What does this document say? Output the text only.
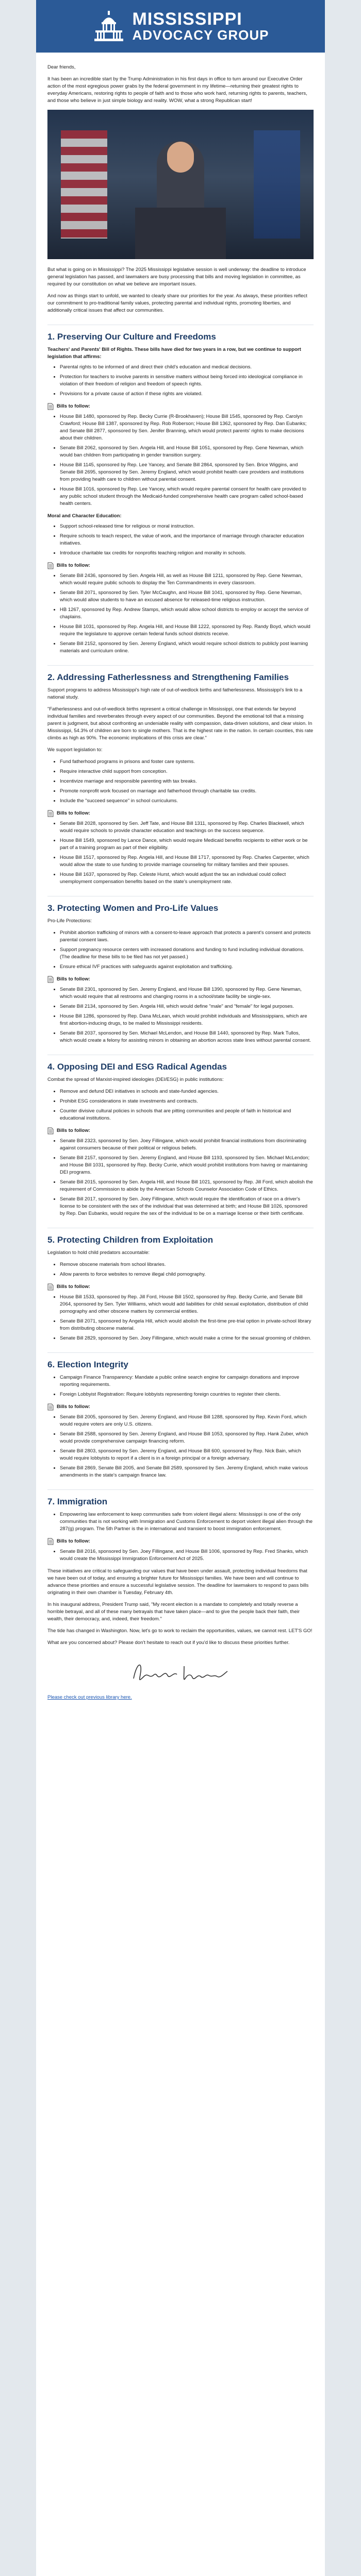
MISSISSIPPI
ADVOCACY GROUP

Dear friends,

It has been an incredible start by the Trump Administration in his first days in office to turn around our Executive Order action of the most egregious power grabs by the federal government in my lifetime—returning their greatest rights to everyday Americans, restoring rights to people of faith and to those who work hard, returning rights to parents, teachers, and those who believe in just simple biology and reality. WOW, what a strong Republican start!

But what is going on in Mississippi? The 2025 Mississippi legislative session is well underway: the deadline to introduce general legislation has passed, and lawmakers are busy processing that bills and moving legislation in committee, as required by our constitution on what we believe are important issues.

And now as things start to unfold, we wanted to clearly share our priorities for the year. As always, these priorities reflect our commitment to pro-traditional family values, protecting parental and individual rights, promoting liberties, and additionally critical issues that affect our communities.

1. Preserving Our Culture and Freedoms
Teachers' and Parents' Bill of Rights. These bills have died for two years in a row, but we continue to support legislation that affirms:
• Parental rights to be informed of and direct their child's education and medical decisions.
• Protection for teachers to involve parents in sensitive matters without being forced into ideological compliance in violation of their freedom of religion and freedom of speech rights.
• Provisions for a private cause of action if these rights are violated.
Bills to follow:
• House Bill 1480, sponsored by Rep. Becky Currie (R-Brookhaven); House Bill 1545, sponsored by Rep. Carolyn Crawford; House Bill 1387, sponsored by Rep. Rob Roberson; House Bill 1362, sponsored by Rep. Dan Eubanks; and Senate Bill 2877, sponsored by Sen. Jenifer Branning, which would protect parents' rights to make decisions about their children.
• Senate Bill 2062, sponsored by Sen. Angela Hill, and House Bill 1051, sponsored by Rep. Gene Newman, which would ban children from participating in gender transition surgery.
• House Bill 1145, sponsored by Rep. Lee Yancey, and Senate Bill 2864, sponsored by Sen. Brice Wiggins, and Senate Bill 2695, sponsored by Sen. Jeremy England, which would prohibit health care providers and institutions from providing health care to children without parental consent.
• House Bill 1016, sponsored by Rep. Lee Yancey, which would require parental consent for health care provided to any public school student through the Medicaid-funded comprehensive health care program called school-based health centers.
Moral and Character Education:
• Support school-released time for religious or moral instruction.
• Require schools to teach respect, the value of work, and the importance of marriage through character education initiatives.
• Introduce charitable tax credits for nonprofits teaching religion and morality in schools.
Bills to follow:
• Senate Bill 2436, sponsored by Sen. Angela Hill, as well as House Bill 1211, sponsored by Rep. Gene Newman, which would require public schools to display the Ten Commandments in every classroom.
• Senate Bill 2071, sponsored by Sen. Tyler McCaughn, and House Bill 1041, sponsored by Rep. Gene Newman, which would allow students to have an excused absence for released-time religious instruction.
• HB 1267, sponsored by Rep. Andrew Stamps, which would allow school districts to employ or accept the service of chaplains.
• House Bill 1031, sponsored by Rep. Angela Hill, and House Bill 1222, sponsored by Rep. Randy Boyd, which would require the legislature to approve certain federal funds school districts receive.
• Senate Bill 2152, sponsored by Sen. Jeremy England, which would require school districts to publicly post learning materials and curriculum online.
2. Addressing Fatherlessness and Strengthening Families

Support programs to address Mississippi's high rate of out-of-wedlock births and fatherlessness. Mississippi's link to a national study.

"Fatherlessness and out-of-wedlock births represent a critical challenge in Mississippi, one that extends far beyond individual families and reverberates through every aspect of our communities. Beyond the emotional toll that a missing parent is judgment, but about confronting an undeniable reality with compassion, data-driven solutions, and clear vision. In Mississippi, 54.3% of children are born to single mothers. That is the highest rate in the nation. In certain counties, this rate climbs as high as 90%. The economic implications of this crisis are clear."

We support legislation to:

• Fund fatherhood programs in prisons and foster care systems.
• Require interactive child support from conception.
• Incentivize marriage and responsible parenting with tax breaks.
• Promote nonprofit work focused on marriage and fatherhood through charitable tax credits.
• Include the "succeed sequence" in school curriculums.
Bills to follow:
• Senate Bill 2028, sponsored by Sen. Jeff Tate, and House Bill 1311, sponsored by Rep. Charles Blackwell, which would require schools to provide character education and teachings on the success sequence.
• House Bill 1549, sponsored by Lance Dance, which would require Medicaid benefits recipients to either work or be part of a training program as part of their eligibility.
• House Bill 1517, sponsored by Rep. Angela Hill, and House Bill 1717, sponsored by Rep. Charles Carpenter, which would allow the state to use funding to provide marriage counseling for military families and their spouses.
• House Bill 1637, sponsored by Rep. Celeste Hurst, which would adjust the tax an individual could collect unemployment compensation benefits based on the state's unemployment rate.
3. Protecting Women and Pro-Life Values

Pro-Life Protections:

• Prohibit abortion trafficking of minors with a consent-to-leave approach that protects a parent's consent and protects parental consent laws.
• Support pregnancy resource centers with increased donations and funding to fund including individual donations. (The deadline for these bills to be filed has not yet passed.)
• Ensure ethical IVF practices with safeguards against exploitation and trafficking.
Bills to follow:
• Senate Bill 2301, sponsored by Sen. Jeremy England, and House Bill 1390, sponsored by Rep. Gene Newman, which would require that all restrooms and changing rooms in a school/state facility be single-sex.
• Senate Bill 2134, sponsored by Sen. Angela Hill, which would define "male" and "female" for legal purposes.
• House Bill 1286, sponsored by Rep. Dana McLean, which would prohibit individuals and Mississippians, which are first abortion-inducing drugs, to be mailed to Mississippi residents.
• Senate Bill 2037, sponsored by Sen. Michael McLendon, and House Bill 1440, sponsored by Rep. Mark Tullos, which would create a felony for assisting minors in obtaining an abortion across state lines without parental consent.
4. Opposing DEI and ESG Radical Agendas

Combat the spread of Marxist-inspired ideologies (DEI/ESG) in public institutions:

• Remove and defund DEI initiatives in schools and state-funded agencies.
• Prohibit ESG considerations in state investments and contracts.
• Counter divisive cultural policies in schools that are pitting communities and people of faith in historical and educational institutions.
Bills to follow:
• Senate Bill 2323, sponsored by Sen. Joey Fillingane, which would prohibit financial institutions from discriminating against consumers because of their political or religious beliefs.
• Senate Bill 2157, sponsored by Sen. Jeremy England, and House Bill 1193, sponsored by Sen. Michael McLendon; and House Bill 1031, sponsored by Rep. Becky Currie, which would prohibit institutions from having or maintaining DEI programs.
• Senate Bill 2015, sponsored by Sen. Angela Hill, and House Bill 1021, sponsored by Rep. Jill Ford, which abolish the requirement of Commission to abide by the American Schools Counselor Association Code of Ethics.
• Senate Bill 2017, sponsored by Sen. Joey Fillingane, which would require the identification of race on a driver's license to be consistent with the sex of the individual that was determined at birth; and House Bill 1026, sponsored by Rep. Dan Eubanks, would require the sex of the individual to be on a marriage license or their birth certificate.
5. Protecting Children from Exploitation

Legislation to hold child predators accountable:

• Remove obscene materials from school libraries.
• Allow parents to force websites to remove illegal child pornography.
Bills to follow:
• House Bill 1533, sponsored by Rep. Jill Ford, House Bill 1502, sponsored by Rep. Becky Currie, and Senate Bill 2064, sponsored by Sen. Tyler Williams, which would add liabilities for child sexual exploitation, distribution of child pornography and other obscene matters by commercial entities.
• Senate Bill 2071, sponsored by Angela Hill, which would abolish the first-time pre-trial option in private-school library from distributing obscene material.
• Senate Bill 2829, sponsored by Sen. Joey Fillingane, which would make a crime for the sexual grooming of children.
6. Election Integrity
• Campaign Finance Transparency: Mandate a public online search engine for campaign donations and improve reporting requirements.
• Foreign Lobbyist Registration: Require lobbyists representing foreign countries to register their clients.
Bills to follow:
• Senate Bill 2005, sponsored by Sen. Jeremy England, and House Bill 1288, sponsored by Rep. Kevin Ford, which would require voters are only U.S. citizens.
• Senate Bill 2588, sponsored by Sen. Jeremy England, and House Bill 1053, sponsored by Rep. Hank Zuber, which would provide comprehensive campaign financing reform.
• Senate Bill 2803, sponsored by Sen. Jeremy England, and House Bill 600, sponsored by Rep. Nick Bain, which would require lobbyists to report if a client is in a foreign principal or a foreign adversary.
• Senate Bill 2869, Senate Bill 2005, and Senate Bill 2589, sponsored by Sen. Jeremy England, which make various amendments in the state's campaign finance law.
7. Immigration
• Empowering law enforcement to keep communities safe from violent illegal aliens: Mississippi is one of the only communities that is not working with Immigration and Customs Enforcement to deport violent illegal alien through the 287(g) program. The 5th Partner is the in international and transient to boost immigration enforcement.
Bills to follow:
• Senate Bill 2016, sponsored by Sen. Joey Fillingane, and House Bill 1006, sponsored by Rep. Fred Shanks, which would create the Mississippi Immigration Enforcement Act of 2025.

These initiatives are critical to safeguarding our values that have been under assault, protecting individual freedoms that we have been out of today, and ensuring a brighter future for Mississippi families. We have been and will continue to advance these priorities and ensure a successful legislative session. The deadline for lawmakers to respond to pass bills originating in their own chamber is Tuesday, February 4th.

In his inaugural address, President Trump said, "My recent election is a mandate to completely and totally reverse a horrible betrayal, and all of these many betrayals that have taken place—and to give the people back their faith, their wealth, their democracy, and, indeed, their freedom."

The tide has changed in Washington. Now, let's go to work to reclaim the opportunities, values, we cannot rest. LET'S GO!

What are you concerned about? Please don't hesitate to reach out if you'd like to discuss these priorities further.

Please check out previous library here.
